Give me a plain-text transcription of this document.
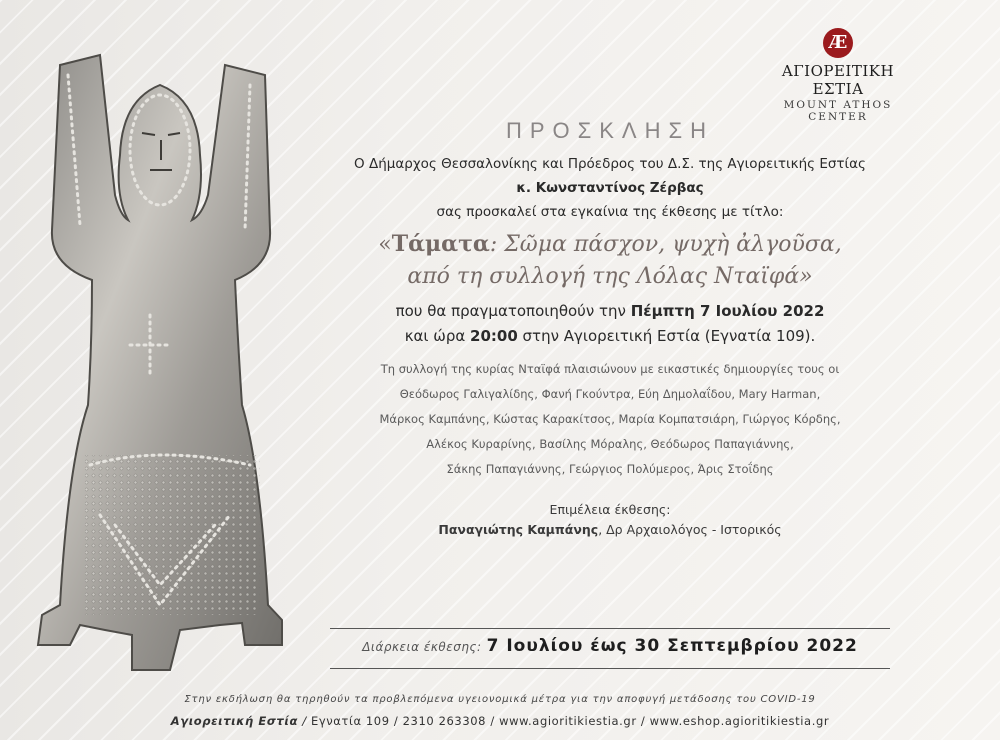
Æ
ΑΓΙΟΡΕΙΤΙΚΗ ΕΣΤΙΑ
MOUNT ATHOS CENTER
ΠΡΟΣΚΛΗΣΗ
Ο Δήμαρχος Θεσσαλονίκης και Πρόεδρος του Δ.Σ. της Αγιορειτικής Εστίας
κ. Κωνσταντίνος Ζέρβας
σας προσκαλεί στα εγκαίνια της έκθεσης με τίτλο:
«Τάματα: Σῶμα πάσχον, ψυχὴ ἀλγοῦσα,
από τη συλλογή της Λόλας Νταϊφά»
που θα πραγματοποιηθούν την Πέμπτη 7 Ιουλίου 2022
και ώρα 20:00 στην Αγιορειτική Εστία (Εγνατία 109).
Τη συλλογή της κυρίας Νταϊφά πλαισιώνουν με εικαστικές δημιουργίες τους οι
Θεόδωρος Γαλιγαλίδης, Φανή Γκούντρα, Εύη Δημολαΐδου, Mary Harman,
Μάρκος Καμπάνης, Κώστας Καρακίτσος, Μαρία Κομπατσιάρη, Γιώργος Κόρδης,
Αλέκος Κυραρίνης, Βασίλης Μόραλης, Θεόδωρος Παπαγιάννης,
Σάκης Παπαγιάννης, Γεώργιος Πολύμερος, Άρις Στοΐδης
Επιμέλεια έκθεσης:
Παναγιώτης Καμπάνης, Δρ Αρχαιολόγος - Ιστορικός
Διάρκεια έκθεσης: 7 Ιουλίου έως 30 Σεπτεμβρίου 2022
Στην εκδήλωση θα τηρηθούν τα προβλεπόμενα υγειονομικά μέτρα για την αποφυγή μετάδοσης του COVID-19
Αγιορειτική Εστία / Εγνατία 109 / 2310 263308 / www.agioritikiestia.gr / www.eshop.agioritikiestia.gr
